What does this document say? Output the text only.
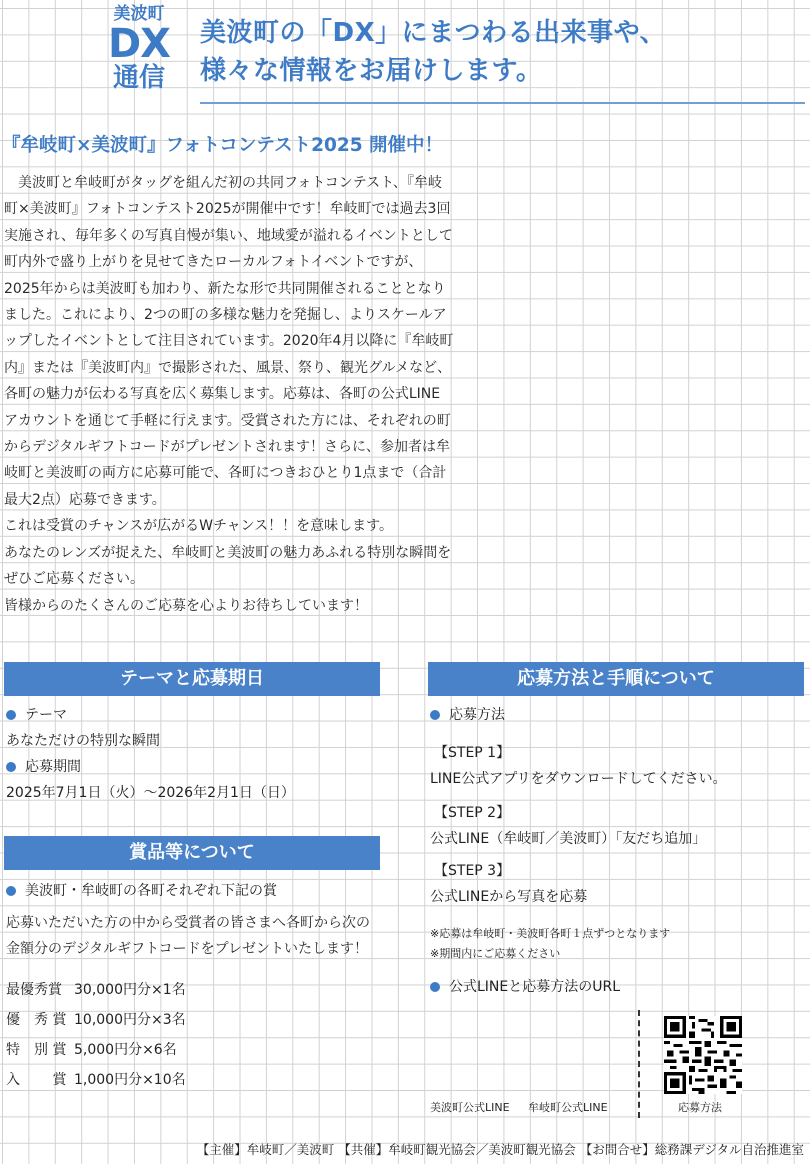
美波町
DX
通信
美波町の「DX」にまつわる出来事や、
様々な情報をお届けします。
『牟岐町×美波町』フォトコンテスト2025 開催中！

　美波町と牟岐町がタッグを組んだ初の共同フォトコンテスト、『牟岐町×美波町』フォトコンテスト2025が開催中です！牟岐町では過去3回実施され、毎年多くの写真自慢が集い、地域愛が溢れるイベントとして町内外で盛り上がりを見せてきたローカルフォトイベントですが、2025年からは美波町も加わり、新たな形で共同開催されることとなりました。これにより、2つの町の多様な魅力を発掘し、よりスケールアップしたイベントとして注目されています。2020年4月以降に『牟岐町内』または『美波町内』で撮影された、風景、祭り、観光グルメなど、各町の魅力が伝わる写真を広く募集します。応募は、各町の公式LINEアカウントを通じて手軽に行えます。受賞された方には、それぞれの町からデジタルギフトコードがプレゼントされます！さらに、参加者は牟岐町と美波町の両方に応募可能で、各町につきおひとり1点まで（合計最大2点）応募できます。

これは受賞のチャンスが広がるWチャンス！！を意味します。

あなたのレンズが捉えた、牟岐町と美波町の魅力あふれる特別な瞬間をぜひご応募ください。

皆様からのたくさんのご応募を心よりお待ちしています！

テーマと応募期日
テーマ
あなただけの特別な瞬間
応募期間
2025年7月1日（火）～2026年2月1日（日）
賞品等について
美波町・牟岐町の各町それぞれ下記の賞
応募いただいた方の中から受賞者の皆さまへ各町から次の金額分のデジタルギフトコードをプレゼントいたします！
最優秀賞 30,000円分×1名
優　秀 賞 10,000円分×3名
特　別 賞 5,000円分×6名
入　　 賞 1,000円分×10名
応募方法と手順について
応募方法
【STEP 1】
LINE公式アプリをダウンロードしてください。
【STEP 2】
公式LINE（牟岐町／美波町）「友だち追加」
【STEP 3】
公式LINEから写真を応募
※応募は牟岐町・美波町各町１点ずつとなります
※期間内にご応募ください
公式LINEと応募方法のURL
美波町公式LINE 牟岐町公式LINE	応募方法
【主催】牟岐町／美波町 【共催】牟岐町観光協会／美波町観光協会 【お問合せ】総務課デジタル自治推進室
